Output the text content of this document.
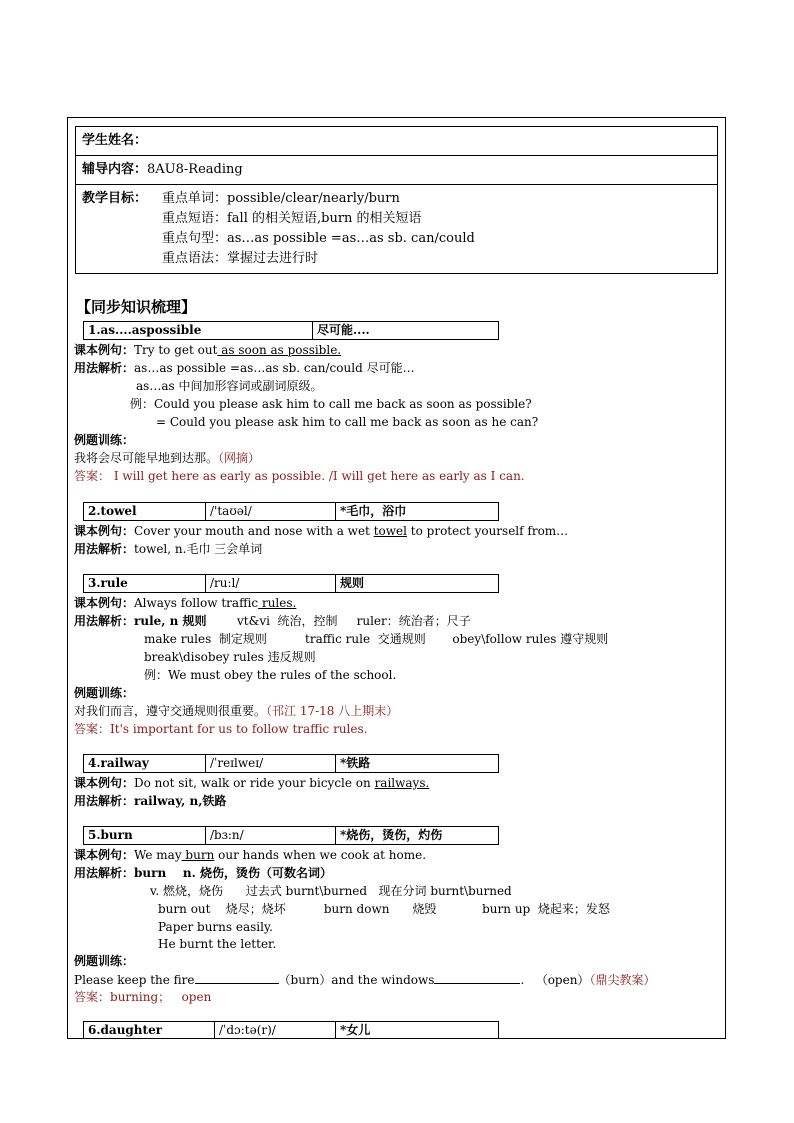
学生姓名：
辅导内容：8AU8-Reading
教学目标：	重点单词：possible/clear/nearly/burn
重点短语：fall 的相关短语,burn 的相关短语
重点句型：as…as possible =as…as sb. can/could
重点语法：掌握过去进行时
【同步知识梳理】
1.as....aspossible	尽可能....
课本例句：Try to get out as soon as possible.
用法解析：as…as possible =as…as sb. can/could 尽可能…
as…as 中间加形容词或副词原级。
例：Could you please ask him to call me back as soon as possible?
= Could you please ask him to call me back as soon as he can?
例题训练：
我将会尽可能早地到达那。（网摘）
答案： I will get here as early as possible. /I will get here as early as I can.
2.towel	/'taʊəl/	*毛巾，浴巾
课本例句：Cover your mouth and nose with a wet towel to protect yourself from…
用法解析：towel, n.毛巾 三会单词
3.rule	/ru:l/	规则
课本例句：Always follow traffic rules.
用法解析：rule, n 规则        vt&vi  统治，控制     ruler：统治者；尺子
make rules  制定规则          traffic rule  交通规则       obey\follow rules 遵守规则
break\disobey rules 违反规则
例：We must obey the rules of the school.
例题训练：
对我们而言，遵守交通规则很重要。（邗江 17-18 八上期末）
答案：It's important for us to follow traffic rules.
4.railway	/ˈreɪlweɪ/	*铁路
课本例句：Do not sit, walk or ride your bicycle on railways.
用法解析：railway, n,铁路
5.burn	/bɜ:n/	*烧伤，烫伤，灼伤
课本例句：We may burn our hands when we cook at home.
用法解析：burn    n. 烧伤，烫伤（可数名词）
v. 燃烧，烧伤      过去式 burnt\burned   现在分词 burnt\burned
burn out    烧尽；烧坏          burn down      烧毁            burn up  烧起来；发怒
Paper burns easily.
He burnt the letter.
例题训练：
Please keep the fire	（burn）and the windows	.   （open）（鼎尖教案）
答案：burning；   open
6.daughter	/ˈdɔ:tə(r)/	*女儿
